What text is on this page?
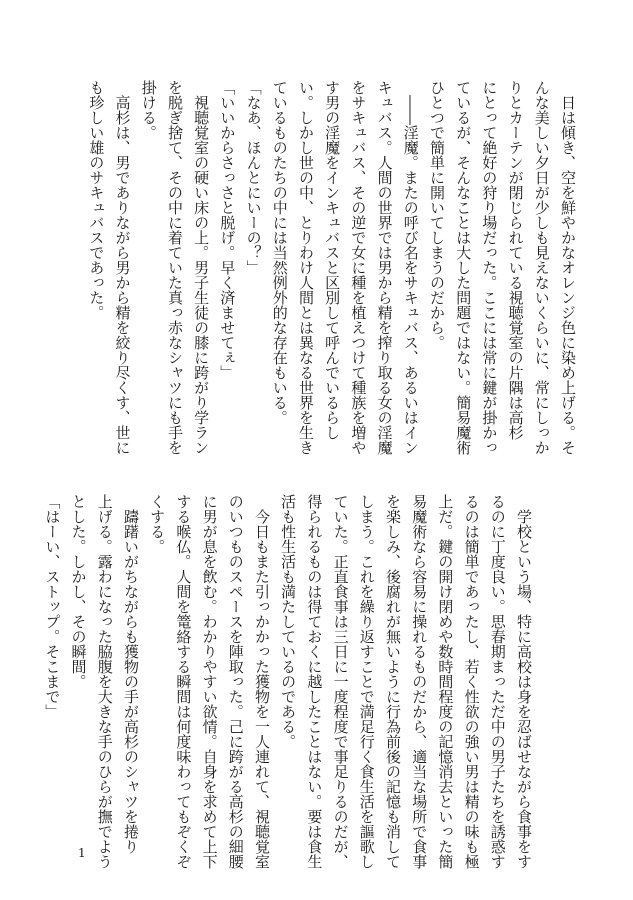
　日は傾き、空を鮮やかなオレンジ色に染め上げる。そ
んな美しい夕日が少しも見えないくらいに、常にしっか
りとカーテンが閉じられている視聴覚室の片隅は高杉
にとって絶好の狩り場だった。ここには常に鍵が掛かっ
ているが、そんなことは大した問題ではない。簡易魔術
ひとつで簡単に開いてしまうのだから。
　――淫魔。またの呼び名をサキュバス、あるいはイン
キュバス。人間の世界では男から精を搾り取る女の淫魔
をサキュバス、その逆で女に種を植えつけて種族を増や
す男の淫魔をインキュバスと区別して呼んでいるらし
い。しかし世の中、とりわけ人間とは異なる世界を生き
ているものたちの中には当然例外的な存在もいる。
「なあ、ほんとにいーの？」
「いいからさっさと脱げ。早く済ませてぇ」
　視聴覚室の硬い床の上。男子生徒の膝に跨がり学ラン
を脱ぎ捨て、その中に着ていた真っ赤なシャツにも手を
掛ける。
　高杉は、男でありながら男から精を絞り尽くす、世に
も珍しい雄のサキュバスであった。
　学校という場、特に高校は身を忍ばせながら食事をす
るのに丁度良い。思春期まっただ中の男子たちを誘惑す
るのは簡単であったし、若く性欲の強い男は精の味も極
上だ。鍵の開け閉めや数時間程度の記憶消去といった簡
易魔術なら容易に操れるものだから、適当な場所で食事
を楽しみ、後腐れが無いように行為前後の記憶も消して
しまう。これを繰り返すことで満足行く食生活を謳歌し
ていた。正直食事は三日に一度程度で事足りるのだが、
得られるものは得ておくに越したことはない。要は食生
活も性生活も満たしているのである。
　今日もまた引っかかった獲物を一人連れて、視聴覚室
のいつものスペースを陣取った。己に跨がる高杉の細腰
に男が息を飲む。わかりやすい欲情。自身を求めて上下
する喉仏。人間を篭絡する瞬間は何度味わってもぞくぞ
くする。
　躊躇いがちながらも獲物の手が高杉のシャツを捲り
上げる。露わになった脇腹を大きな手のひらが撫でよう
とした。しかし、その瞬間。
「はーい、ストップ。そこまで」
1
